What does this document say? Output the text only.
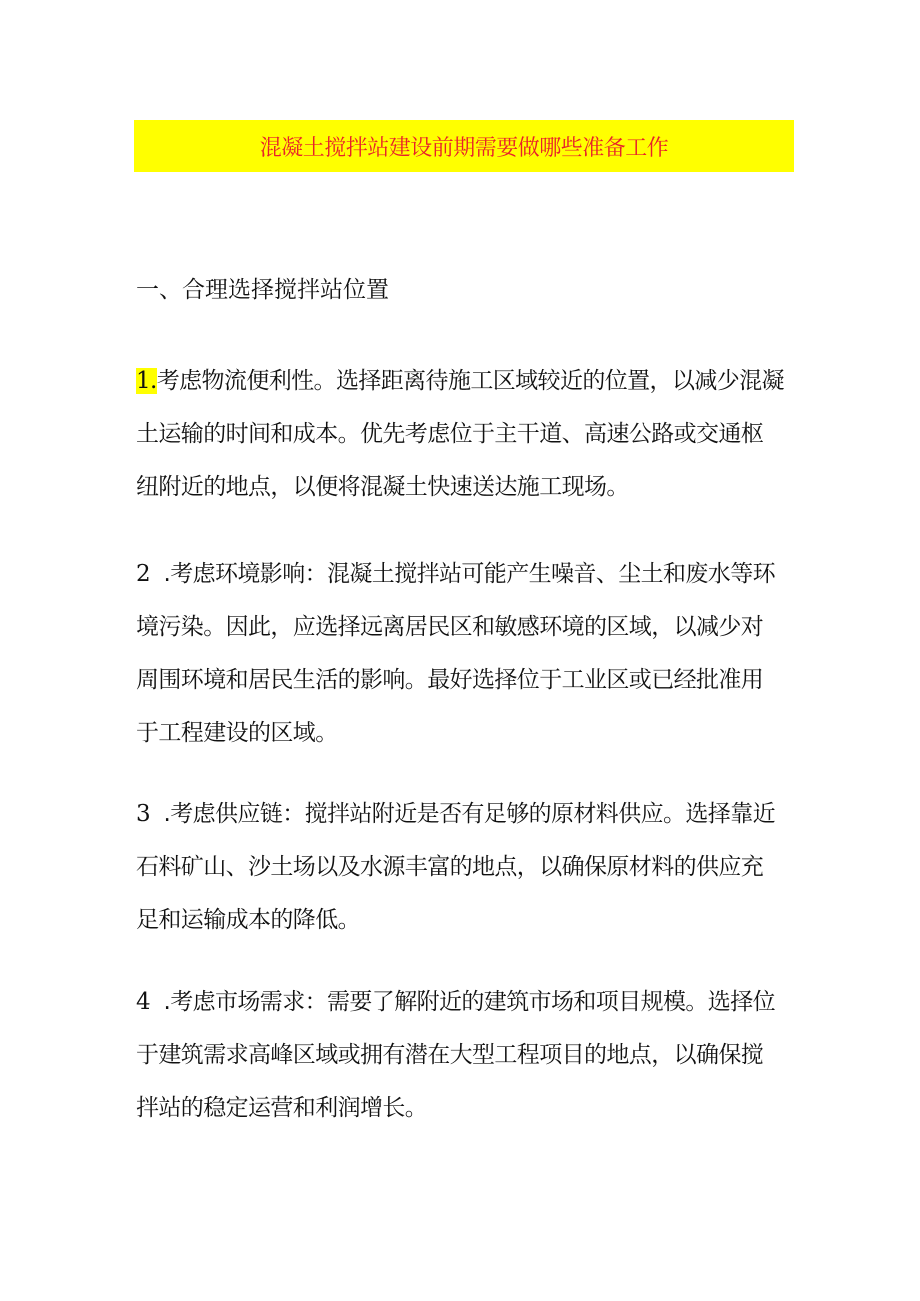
混凝土搅拌站建设前期需要做哪些准备工作
一、合理选择搅拌站位置
1.考虑物流便利性。选择距离待施工区域较近的位置，以减少混凝
土运输的时间和成本。优先考虑位于主干道、高速公路或交通枢
纽附近的地点，以便将混凝土快速送达施工现场。
2 .考虑环境影响：混凝土搅拌站可能产生噪音、尘土和废水等环
境污染。因此，应选择远离居民区和敏感环境的区域，以减少对
周围环境和居民生活的影响。最好选择位于工业区或已经批准用
于工程建设的区域。
3 .考虑供应链：搅拌站附近是否有足够的原材料供应。选择靠近
石料矿山、沙土场以及水源丰富的地点，以确保原材料的供应充
足和运输成本的降低。
4 .考虑市场需求：需要了解附近的建筑市场和项目规模。选择位
于建筑需求高峰区域或拥有潜在大型工程项目的地点，以确保搅
拌站的稳定运营和利润增长。
